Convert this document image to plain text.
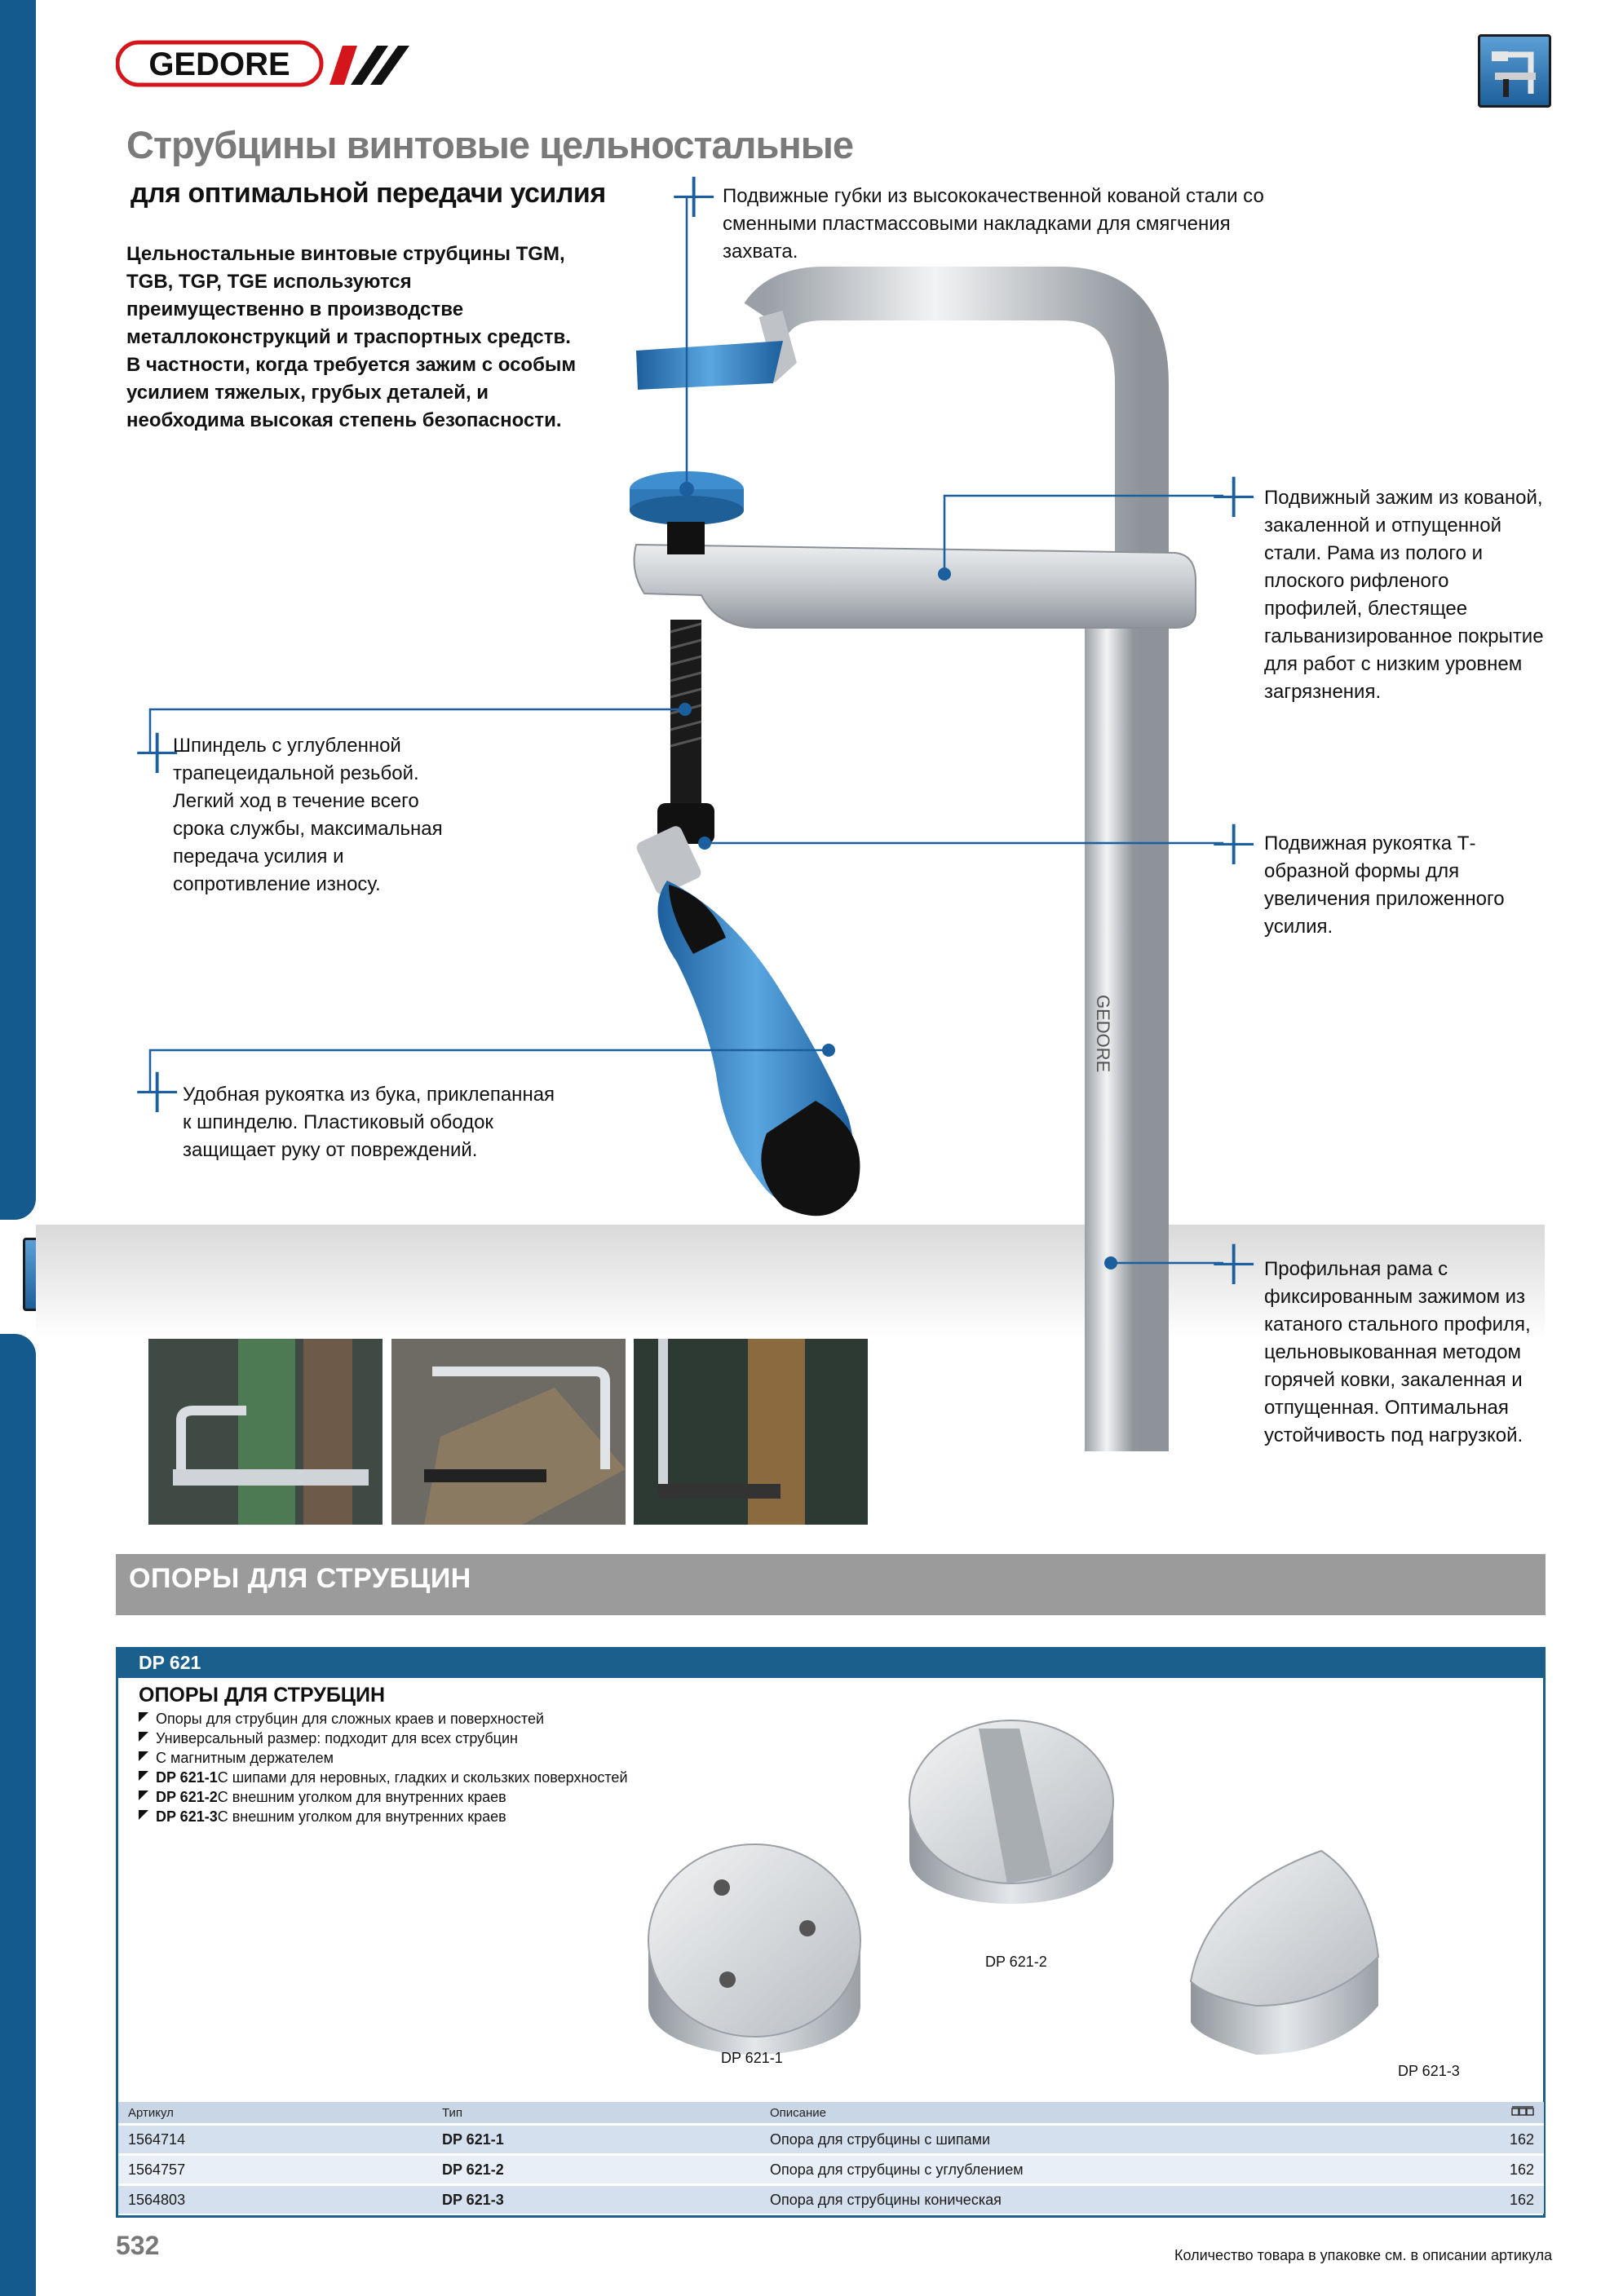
GEDORE
Струбцины винтовые цельностальные
для оптимальной передачи усилия
Цельностальные винтовые струбцины TGM, TGB, TGP, TGE используются преимущественно в производстве металлоконструкций и траспортных средств. В частности, когда требуется зажим с особым усилием тяжелых, грубых деталей, и необходима высокая степень безопасности.
GEDORE
+
+
+
+
+
+
Подвижные губки из высококачественной кованой стали со сменными пластмассовыми накладками для смягчения захвата.
Подвижный зажим из кованой, закаленной и отпущенной стали. Рама из полого и плоского рифленого профилей, блестящее гальванизированное покрытие для работ с низким уровнем загрязнения.
Шпиндель с углубленной трапецеидальной резьбой. Легкий ход в течение всего срока службы, максимальная передача усилия и сопротивление износу.
Подвижная рукоятка Т-образной формы для увеличения приложенного усилия.
Удобная рукоятка из бука, приклепанная к шпинделю. Пластиковый ободок защищает руку от повреждений.
Профильная рама с фиксированным зажимом из катаного стального профиля, цельновыкованная методом горячей ковки, закаленная и отпущенная. Оптимальная устойчивость под нагрузкой.
ОПОРЫ ДЛЯ СТРУБЦИН
DP 621
ОПОРЫ ДЛЯ СТРУБЦИН
Опоры для струбцин для сложных краев и поверхностей
Универсальный размер: подходит для всех струбцин
С магнитным держателем
DP 621-1 С шипами для неровных, гладких и скользких поверхностей
DP 621-2 С внешним уголком для внутренних краев
DP 621-3 С внешним уголком для внутренних краев
DP 621-1
DP 621-2
DP 621-3
Артикул	Тип	Описание	
1564714	DP 621-1	Опора для струбцины с шипами	162
1564757	DP 621-2	Опора для струбцины с углублением	162
1564803	DP 621-3	Опора для струбцины коническая	162
532	Количество товара в упаковке см. в описании артикула
